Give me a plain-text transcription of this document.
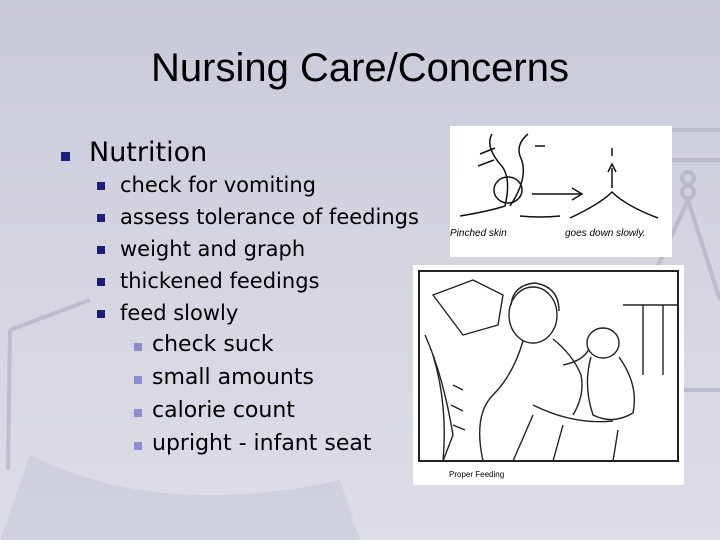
Nursing Care/Concerns
Nutrition
check for vomiting
assess tolerance of feedings
weight and graph
thickened feedings
feed slowly
check suck
small amounts
calorie count
upright - infant seat
Pinched skin	goes down slowly.
Proper Feeding
